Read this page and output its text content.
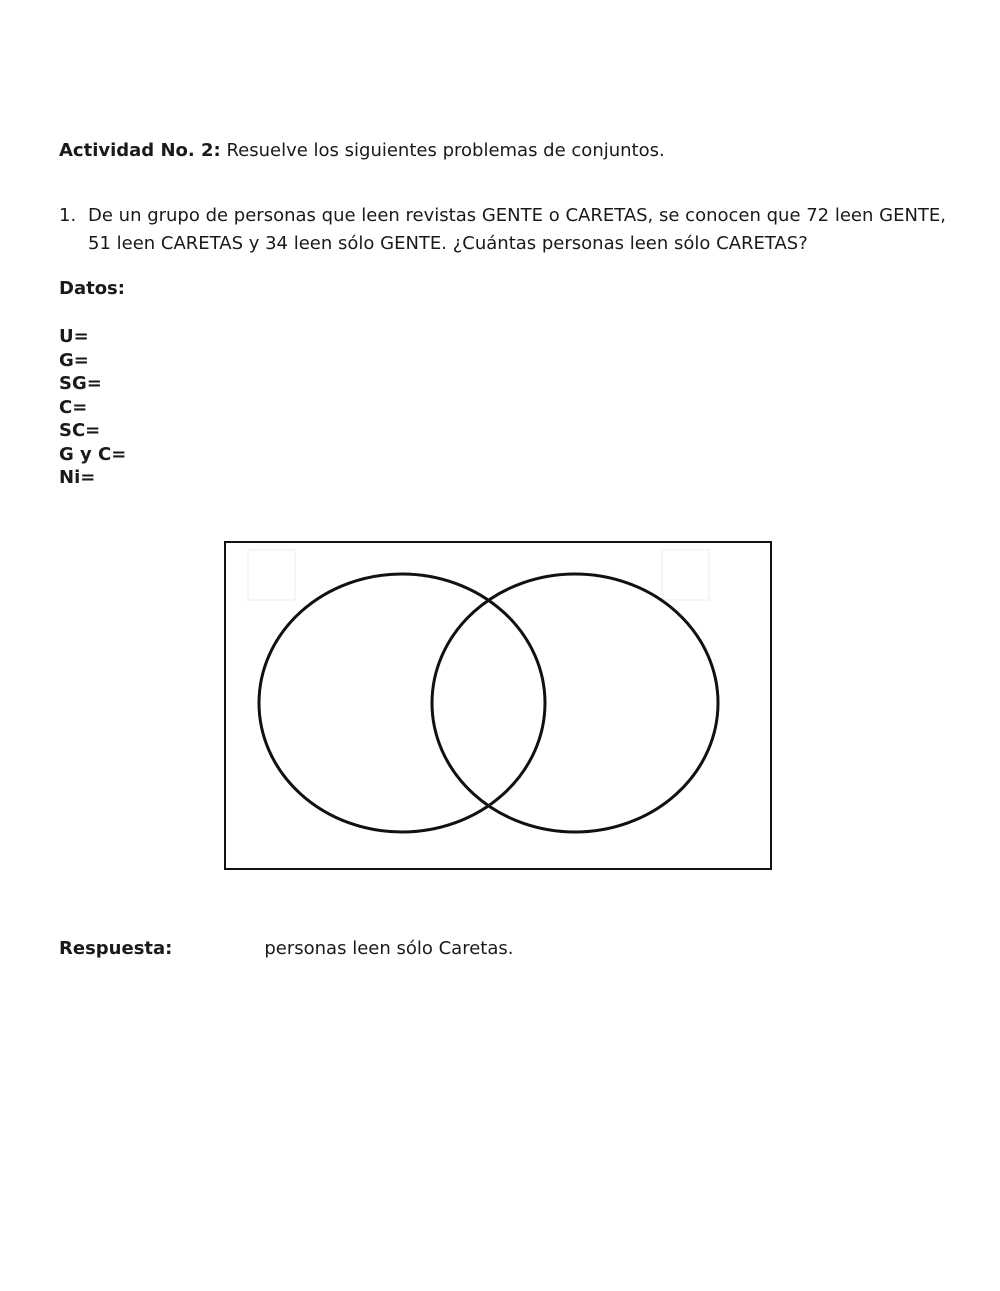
Actividad No. 2: Resuelve los siguientes problemas de conjuntos.
1. De un grupo de personas que leen revistas GENTE o CARETAS, se conocen que 72 leen GENTE, 51 leen CARETAS y 34 leen sólo GENTE. ¿Cuántas personas leen sólo CARETAS?
Datos:
U=
G=
SG=
C=
SC=
G y C=
Ni=
Respuesta:	personas leen sólo Caretas.
